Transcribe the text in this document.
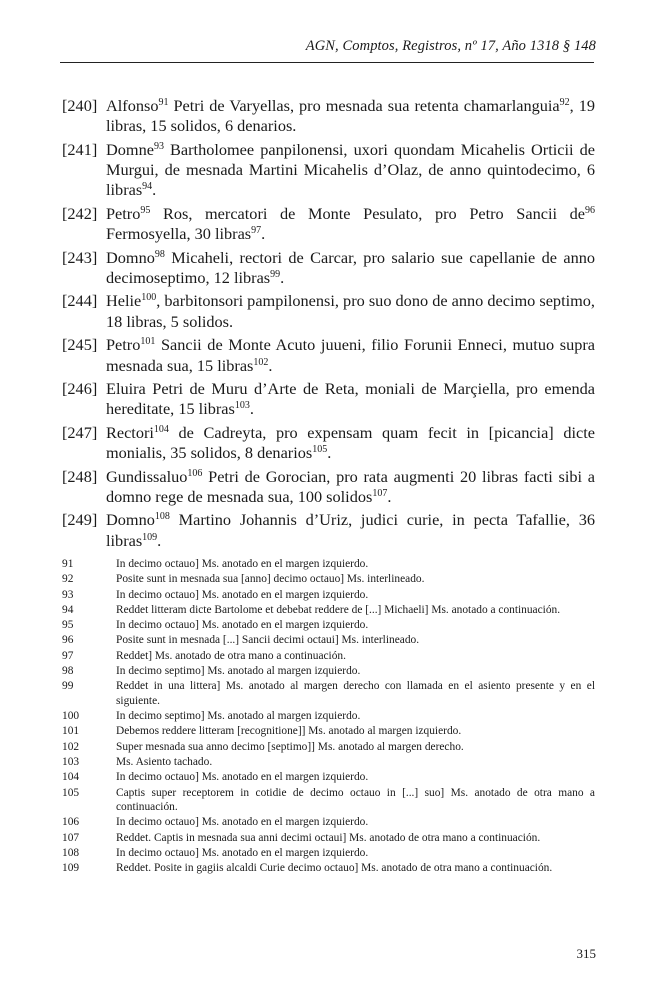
AGN, Comptos, Registros, nº 17, Año 1318 § 148
[240] Alfonso$^{91}$ Petri de Varyellas, pro mesnada sua retenta chamarlanguia$^{92}$, 19 libras, 15 solidos, 6 denarios.
[241] Domne$^{93}$ Bartholomee panpilonensi, uxori quondam Micahelis Orticii de Murgui, de mesnada Martini Micahelis d’Olaz, de anno quintodecimo, 6 libras$^{94}$.
[242] Petro$^{95}$ Ros, mercatori de Monte Pesulato, pro Petro Sancii $de^{96}$ Fermosyella, 30 libras$^{97}$.
[243] Domno$^{98}$ Micaheli, rectori de Carcar, pro salario sue capellanie de anno decimoseptimo, 12 libras$^{99}$.
[244] Helie$^{100}$, barbitonsori pampilonensi, pro suo dono de anno decimo septimo, 18 libras, 5 solidos.
[245] Petro$^{101}$ Sancii de Monte Acuto juueni, filio Forunii Enneci, mutuo supra mesnada sua, 15 libras$^{102}$.
[246] Eluira Petri de Muru d’Arte de Reta, moniali de Març​iella, pro emenda hereditate, 15 libras$^{103}$.
[247] Rectori$^{104}$ de Cadreyta, pro expensam quam fecit in [picancia] dicte monialis, 35 solidos, 8 denarios$^{105}$.
[248] Gundissaluo$^{106}$ Petri de Gorocian, pro rata augmenti 20 libras facti sibi a domno rege de mesnada sua, 100 solidos$^{107}$.
[249] Domno$^{108}$ Martino Johannis d’Uriz, judici curie, in pecta Tafallie, 36 libras$^{109}$.
91	In decimo octauo] Ms. anotado en el margen izquierdo.
92	Posite sunt in mesnada sua [anno] decimo octauo] Ms. interlineado.
93	In decimo octauo] Ms. anotado en el margen izquierdo.
94	Reddet litteram dicte Bartolome et debebat reddere de [...] Michaeli] Ms. anotado a continuación.
95	In decimo octauo] Ms. anotado en el margen izquierdo.
96	Posite sunt in mesnada [...] Sancii decimi octaui] Ms. interlineado.
97	Reddet] Ms. anotado de otra mano a continuación.
98	In decimo septimo] Ms. anotado al margen izquierdo.
99	Reddet in una littera] Ms. anotado al margen derecho con llamada en el asiento presente y en el siguiente.
100	In decimo septimo] Ms. anotado al margen izquierdo.
101	Debemos reddere litteram [recognitione]] Ms. anotado al margen izquierdo.
102	Super mesnada sua anno decimo [septimo]] Ms. anotado al margen derecho.
103	Ms. Asiento tachado.
104	In decimo octauo] Ms. anotado en el margen izquierdo.
105	Captis super receptorem in cotidie de decimo octauo in [...] suo] Ms. anotado de otra mano a continuación.
106	In decimo octauo] Ms. anotado en el margen izquierdo.
107	Reddet. Captis in mesnada sua anni decimi octaui] Ms. anotado de otra mano a continuación.
108	In decimo octauo] Ms. anotado en el margen izquierdo.
109	Reddet. Posite in gagiis alcaldi Curie decimo octauo] Ms. anotado de otra mano a continuación.
315
